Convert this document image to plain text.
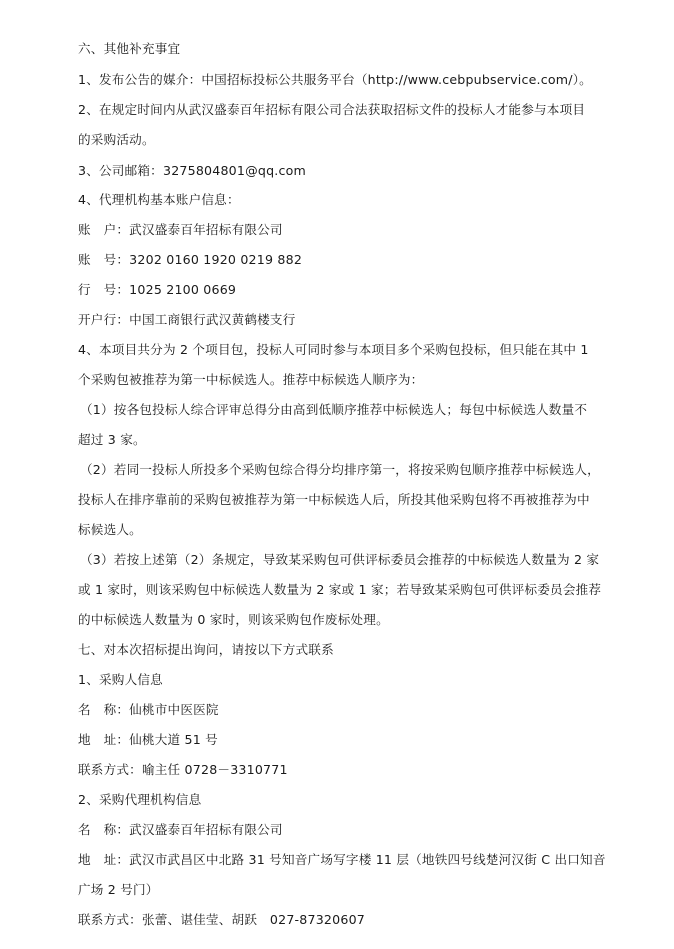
六、其他补充事宜
1、发布公告的媒介：中国招标投标公共服务平台（http://www.cebpubservice.com/）。
2、在规定时间内从武汉盛泰百年招标有限公司合法获取招标文件的投标人才能参与本项目
的采购活动。
3、公司邮箱：3275804801@qq.com
4、代理机构基本账户信息：
账　户：武汉盛泰百年招标有限公司
账　号：3202 0160 1920 0219 882
行　号：1025 2100 0669
开户行：中国工商银行武汉黄鹤楼支行
4、本项目共分为 2 个项目包，投标人可同时参与本项目多个采购包投标，但只能在其中 1
个采购包被推荐为第一中标候选人。推荐中标候选人顺序为：
（1）按各包投标人综合评审总得分由高到低顺序推荐中标候选人；每包中标候选人数量不
超过 3 家。
（2）若同一投标人所投多个采购包综合得分均排序第一，将按采购包顺序推荐中标候选人，
投标人在排序靠前的采购包被推荐为第一中标候选人后，所投其他采购包将不再被推荐为中
标候选人。
（3）若按上述第（2）条规定，导致某采购包可供评标委员会推荐的中标候选人数量为 2 家
或 1 家时，则该采购包中标候选人数量为 2 家或 1 家；若导致某采购包可供评标委员会推荐
的中标候选人数量为 0 家时，则该采购包作废标处理。
七、对本次招标提出询问，请按以下方式联系
1、采购人信息
名　称：仙桃市中医医院
地　址：仙桃大道 51 号
联系方式：喻主任 0728－3310771
2、采购代理机构信息
名　称：武汉盛泰百年招标有限公司
地　址：武汉市武昌区中北路 31 号知音广场写字楼 11 层（地铁四号线楚河汉街 C 出口知音
广场 2 号门）
联系方式：张蕾、谌佳莹、胡跃　027-87320607
